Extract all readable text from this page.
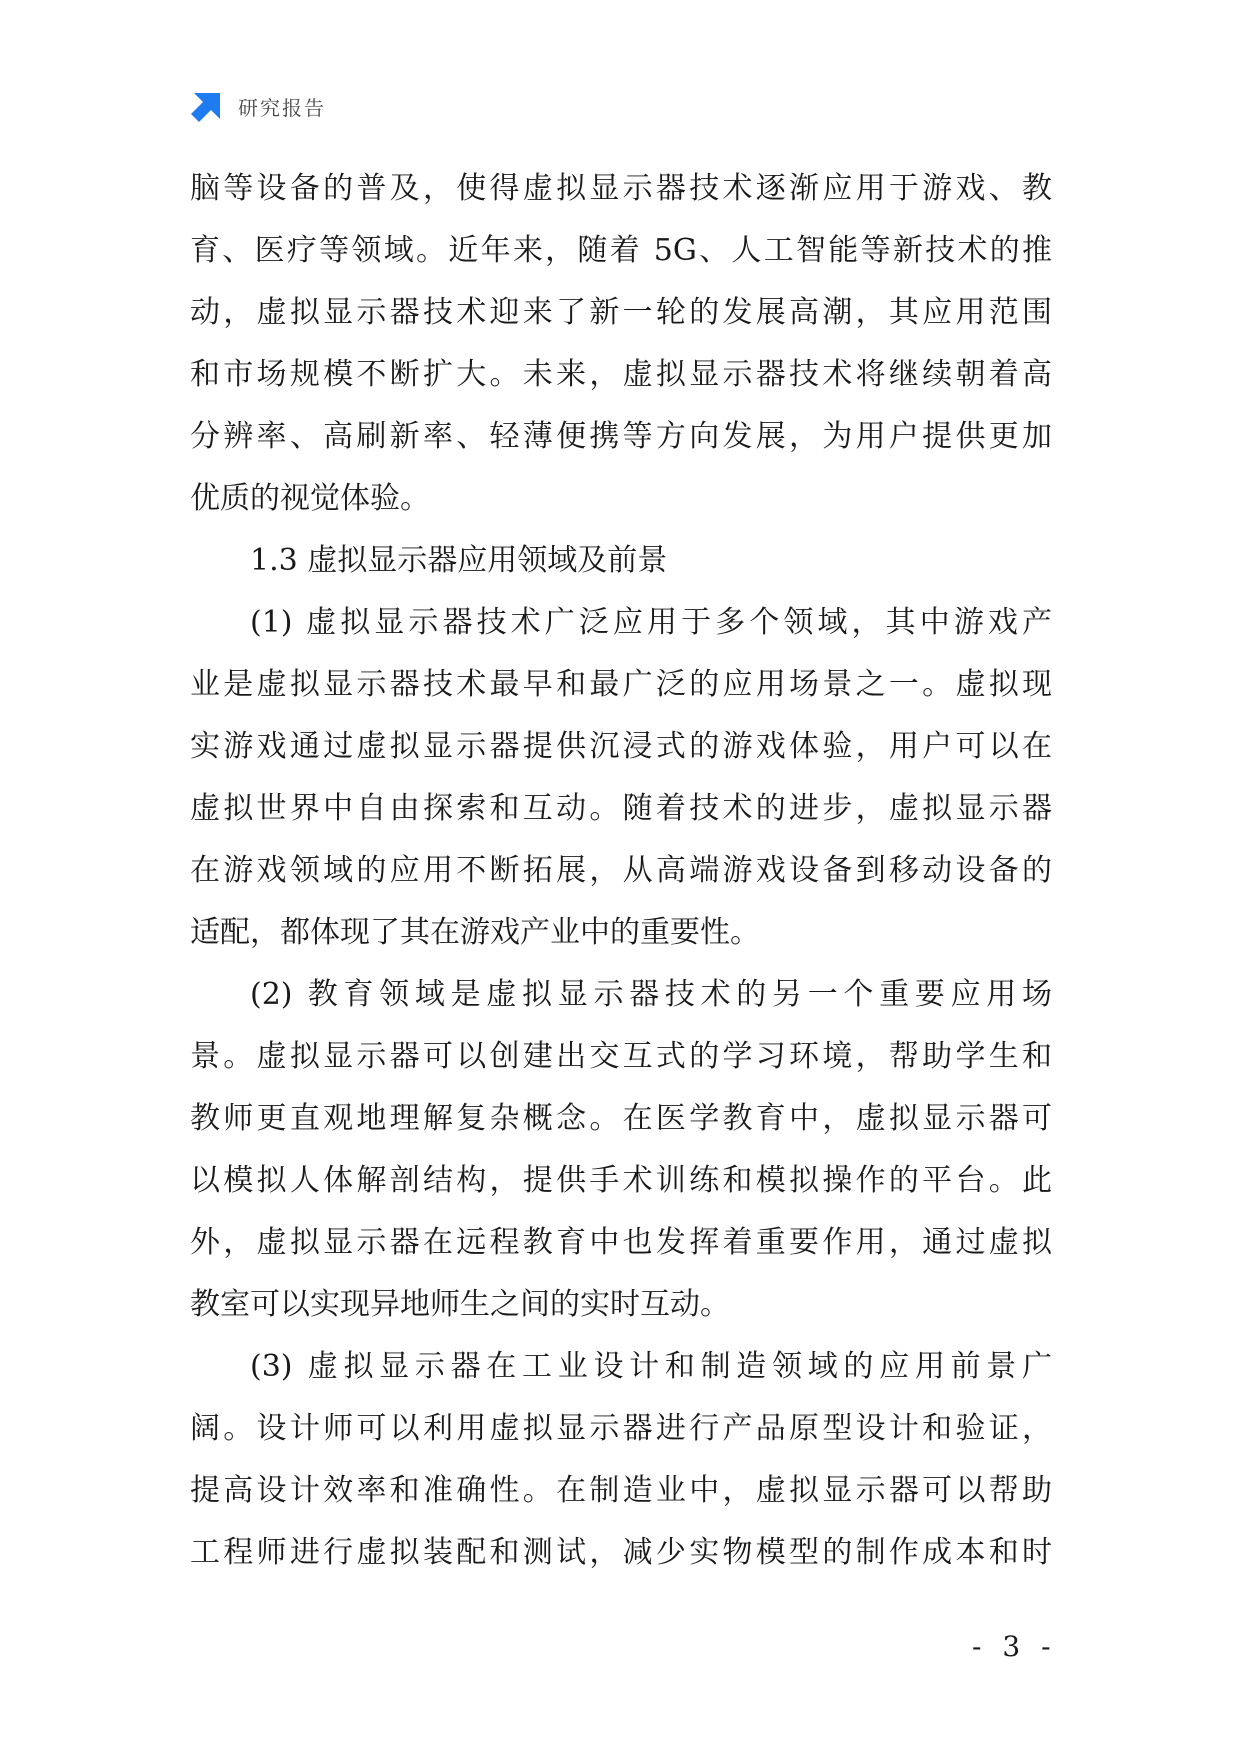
研究报告
脑等设备的普及，使得虚拟显示器技术逐渐应用于游戏、教
育、医疗等领域。近年来，随着 5G、人工智能等新技术的推
动，虚拟显示器技术迎来了新一轮的发展高潮，其应用范围
和市场规模不断扩大。未来，虚拟显示器技术将继续朝着高
分辨率、高刷新率、轻薄便携等方向发展，为用户提供更加
优质的视觉体验。
1.3 虚拟显示器应用领域及前景
(1) 虚拟显示器技术广泛应用于多个领域，其中游戏产
业是虚拟显示器技术最早和最广泛的应用场景之一。虚拟现
实游戏通过虚拟显示器提供沉浸式的游戏体验，用户可以在
虚拟世界中自由探索和互动。随着技术的进步，虚拟显示器
在游戏领域的应用不断拓展，从高端游戏设备到移动设备的
适配，都体现了其在游戏产业中的重要性。
(2) 教育领域是虚拟显示器技术的另一个重要应用场
景。虚拟显示器可以创建出交互式的学习环境，帮助学生和
教师更直观地理解复杂概念。在医学教育中，虚拟显示器可
以模拟人体解剖结构，提供手术训练和模拟操作的平台。此
外，虚拟显示器在远程教育中也发挥着重要作用，通过虚拟
教室可以实现异地师生之间的实时互动。
(3) 虚拟显示器在工业设计和制造领域的应用前景广
阔。设计师可以利用虚拟显示器进行产品原型设计和验证，
提高设计效率和准确性。在制造业中，虚拟显示器可以帮助
工程师进行虚拟装配和测试，减少实物模型的制作成本和时
- 3 -
